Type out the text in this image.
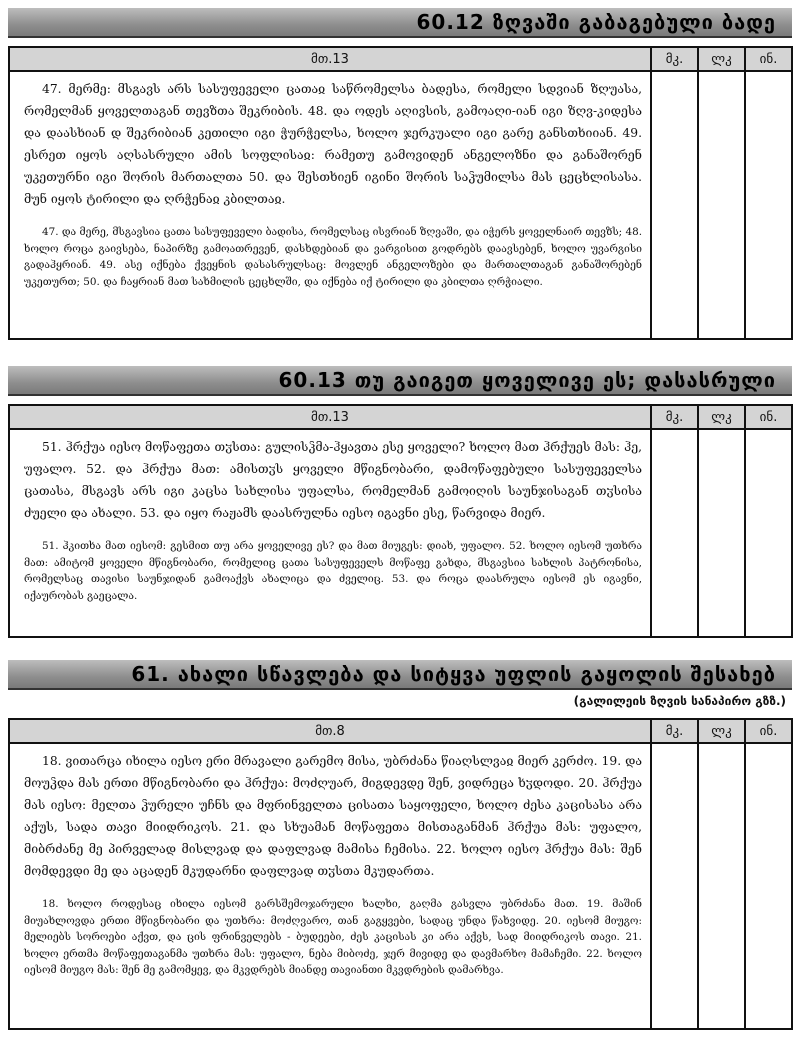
60.12 ზღვაში გაბაგებული ბადე
მთ.13	მკ.	ლკ	ინ.

47. მერმე: მსგავს არს სასუფეველი ცათაჲ საწრომელსა ბადესა, რომელი სდვიან ზღუასა, რომელმან ყოველთაგან თევზთა შეკრიბის. 48. და ოდეს აღივსის, გამოაღი-იან იგი ზღვ-კიდესა და დაასხიან დ შეკრიბიან კეთილი იგი ჭურჭელსა, ხოლო ჯერკუალი იგი გარე განსთხიიან. 49. ესრეთ იყოს აღსასრული ამის სოფლისაჲ: რამეთუ გამოვიდენ ანგელოზნი და განაშორენ უკეთურნი იგი შორის მართალთა 50. და შესთხიენ იგინი შორის საჴუმილსა მას ცეცხლისასა. მუნ იყოს ტირილი და ღრჭენაჲ კბილთაჲ.

47. და მერე, მსგავსია ცათა სასუფეველი ბადისა, რომელსაც ისვრიან ზღვაში, და იჭერს ყოველნაირ თევზს; 48. ხოლო როცა გაივსება, ნაპირზე გამოათრევენ, დასხდებიან და ვარგისით გოდრებს დაავსებენ, ხოლო უვარგისი გადაჰყრიან. 49. ასე იქნება ქვეყნის დასასრულსაც: მოვლენ ანგელოზები და მართალთაგან განაშორებენ უკეთურთ; 50. და ჩაყრიან მათ სახმილის ცეცხლში, და იქნება იქ ტირილი და კბილთა ღრჭიალი.			

60.13 თუ გაიგეთ ყოველივე ეს; დასასრული
მთ.13	მკ.	ლკ	ინ.

51. ჰრქუა იესო მოწაფეთა თჳსთა: გულისჴმა-ჰყავთა ესე ყოველი? ხოლო მათ ჰრქუეს მას: ჰე, უფალო. 52. და ჰრქუა მათ: ამისთჳს ყოველი მწიგნობარი, დამოწაფებული სასუფეველსა ცათასა, მსგავს არს იგი კაცსა სახლისა უფალსა, რომელმან გამოიღის საუნჯისაგან თჳსისა ძუელი და ახალი. 53. და იყო რაჟამს დაასრულნა იესო იგავნი ესე, წარვიდა მიერ.

51. ჰკითხა მათ იესომ: გესმით თუ არა ყოველივე ეს? და მათ მიუგეს: დიახ, უფალო. 52. ხოლო იესომ უთხრა მათ: ამიტომ ყოველი მწიგნობარი, რომელიც ცათა სასუფეველს მოწაფე გახდა, მსგავსია სახლის პატრონისა, რომელსაც თავისი საუნჯიდან გამოაქვს ახალიცა და ძველიც. 53. და როცა დაასრულა იესომ ეს იგავნი, იქაურობას გაეცალა.			

61. ახალი სწავლება და სიტყვა უფლის გაყოლის შესახებ
(გალილეის ზღვის სანაპირო გზზ.)
მთ.8	მკ.	ლკ	ინ.

18. ვითარცა იხილა იესო ერი მრავალი გარემო მისა, უბრძანა წიაღსლვაჲ მიერ კერძო. 19. და მოუჴდა მას ერთი მწიგნობარი და ჰრქუა: მოძღუარ, მიგდევდე შენ, ვიდრეცა ხჳდოდი. 20. ჰრქუა მას იესო: მელთა ჴურელი უჩნს და მფრინველთა ცისათა საყოფელი, ხოლო ძესა კაცისასა არა აქუს, სადა თავი მიიდრიკოს. 21. და სხუამან მოწაფეთა მისთაგანმან ჰრქუა მას: უფალო, მიბრძანე მე პირველად მისლვად და დაფლვად მამისა ჩემისა. 22. ხოლო იესო ჰრქუა მას: შენ მომდევდი მე და აცადენ მკუდარნი დაფლვად თჳსთა მკუდართა.

18. ხოლო როდესაც იხილა იესომ გარსშემოჯარული ხალხი, გაღმა გასვლა უბრძანა მათ. 19. მაშინ მიუახლოვდა ერთი მწიგნობარი და უთხრა: მოძღვარო, თან გაგყვები, სადაც უნდა წახვიდე. 20. იესომ მიუგო: მელიებს სოროები აქვთ, და ცის ფრინველებს - ბუდეები, ძეს კაცისას კი არა აქვს, სად მიიდრიკოს თავი. 21. ხოლო ერთმა მოწაფეთაგანმა უთხრა მას: უფალო, ნება მიბოძე, ჯერ მივიდე და დავმარხო მამაჩემი. 22. ხოლო იესომ მიუგო მას: შენ მე გამომყევ, და მკვდრებს მიანდე თავიანთი მკვდრების დამარხვა.			
